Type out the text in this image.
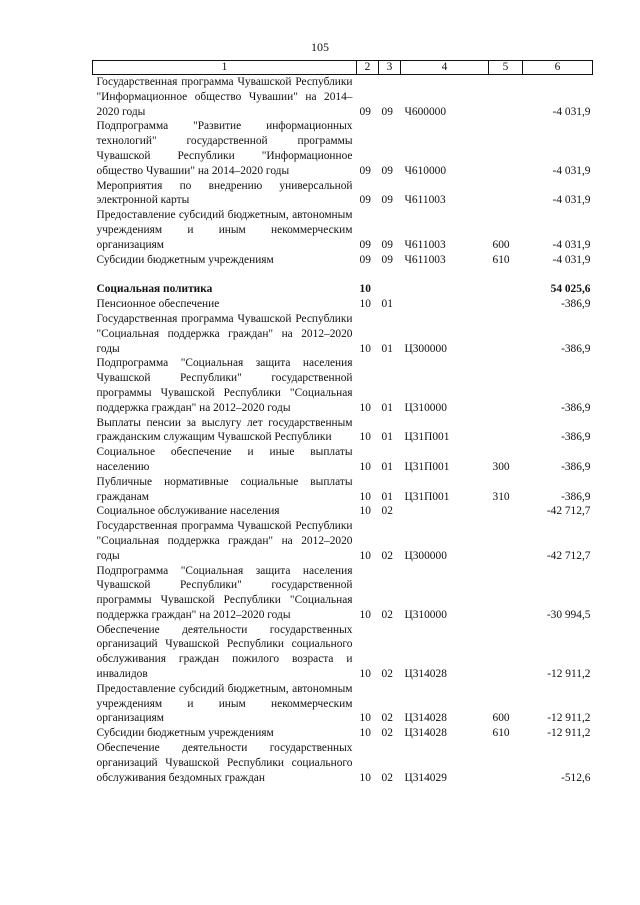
105
1	2	3	4	5	6
Государственная программа Чувашской Республики "Информационное общество Чувашии" на 2014–2020 годы	09	09	Ч600000		-4 031,9
Подпрограмма "Развитие информационных технологий" государственной программы Чувашской Республики "Информационное общество Чувашии" на 2014–2020 годы	09	09	Ч610000		-4 031,9
Мероприятия по внедрению универсальной электронной карты	09	09	Ч611003		-4 031,9
Предоставление субсидий бюджетным, автономным учреждениям и иным некоммерческим организациям	09	09	Ч611003	600	-4 031,9
Субсидии бюджетным учреждениям	09	09	Ч611003	610	-4 031,9

Социальная политика	10				54 025,6
Пенсионное обеспечение	10	01			-386,9
Государственная программа Чувашской Республики "Социальная поддержка граждан" на 2012–2020 годы	10	01	Ц300000		-386,9
Подпрограмма "Социальная защита населения Чувашской Республики" государственной программы Чувашской Республики "Социальная поддержка граждан" на 2012–2020 годы	10	01	Ц310000		-386,9
Выплаты пенсии за выслугу лет государственным гражданским служащим Чувашской Республики	10	01	Ц31П001		-386,9
Социальное обеспечение и иные выплаты населению	10	01	Ц31П001	300	-386,9
Публичные нормативные социальные выплаты гражданам	10	01	Ц31П001	310	-386,9
Социальное обслуживание населения	10	02			-42 712,7
Государственная программа Чувашской Республики "Социальная поддержка граждан" на 2012–2020 годы	10	02	Ц300000		-42 712,7
Подпрограмма "Социальная защита населения Чувашской Республики" государственной программы Чувашской Республики "Социальная поддержка граждан" на 2012–2020 годы	10	02	Ц310000		-30 994,5
Обеспечение деятельности государственных организаций Чувашской Республики социального обслуживания граждан пожилого возраста и инвалидов	10	02	Ц314028		-12 911,2
Предоставление субсидий бюджетным, автономным учреждениям и иным некоммерческим организациям	10	02	Ц314028	600	-12 911,2
Субсидии бюджетным учреждениям	10	02	Ц314028	610	-12 911,2
Обеспечение деятельности государственных организаций Чувашской Республики социального обслуживания бездомных граждан	10	02	Ц314029		-512,6
